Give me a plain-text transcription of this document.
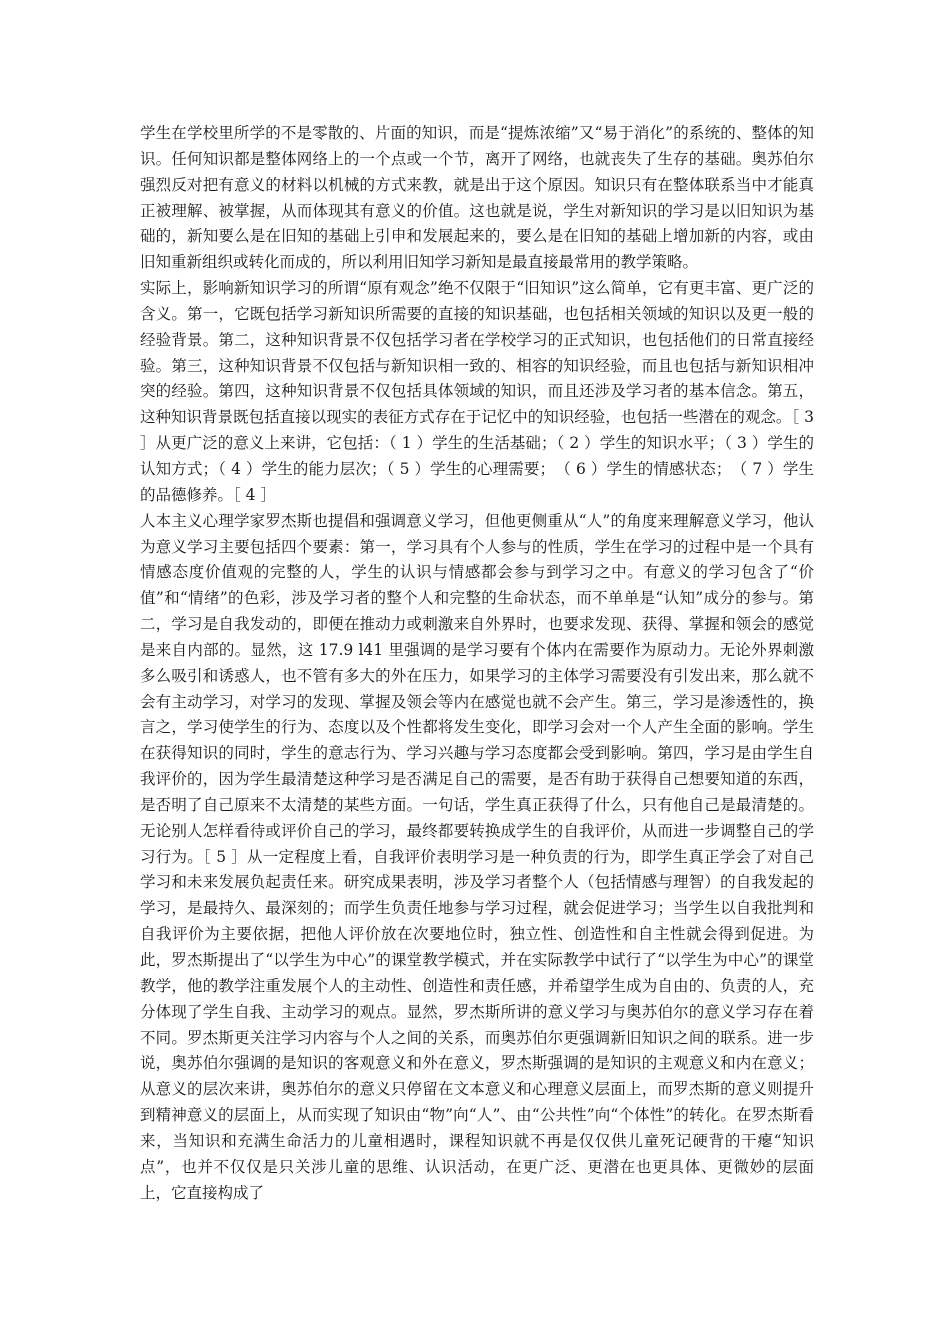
学生在学校里所学的不是零散的、片面的知识，而是“提炼浓缩”又“易于消化”的系统的、整体的知识。任何知识都是整体网络上的一个点或一个节，离开了网络，也就丧失了生存的基础。奥苏伯尔强烈反对把有意义的材料以机械的方式来教，就是出于这个原因。知识只有在整体联系当中才能真正被理解、被掌握，从而体现其有意义的价值。这也就是说，学生对新知识的学习是以旧知识为基础的，新知要么是在旧知的基础上引申和发展起来的，要么是在旧知的基础上增加新的内容，或由旧知重新组织或转化而成的，所以利用旧知学习新知是最直接最常用的教学策略。

实际上，影响新知识学习的所谓“原有观念”绝不仅限于“旧知识”这么简单，它有更丰富、更广泛的含义。第一，它既包括学习新知识所需要的直接的知识基础，也包括相关领域的知识以及更一般的经验背景。第二，这种知识背景不仅包括学习者在学校学习的正式知识，也包括他们的日常直接经验。第三，这种知识背景不仅包括与新知识相一致的、相容的知识经验，而且也包括与新知识相冲突的经验。第四，这种知识背景不仅包括具体领域的知识，而且还涉及学习者的基本信念。第五，这种知识背景既包括直接以现实的表征方式存在于记忆中的知识经验，也包括一些潜在的观念。［ 3 ］从更广泛的意义上来讲，它包括：（ 1 ）学生的生活基础；（ 2 ）学生的知识水平；（ 3 ）学生的认知方式；（ 4 ）学生的能力层次；（ 5 ）学生的心理需要；　（ 6 ）学生的情感状态；　（ 7 ）学生的品德修养。［ 4 ］

人本主义心理学家罗杰斯也提倡和强调意义学习，但他更侧重从“人”的角度来理解意义学习，他认为意义学习主要包括四个要素：第一，学习具有个人参与的性质，学生在学习的过程中是一个具有情感态度价值观的完整的人，学生的认识与情感都会参与到学习之中。有意义的学习包含了“价值”和“情绪”的色彩，涉及学习者的整个人和完整的生命状态，而不单单是“认知”成分的参与。第二，学习是自我发动的，即便在推动力或刺激来自外界时，也要求发现、获得、掌握和领会的感觉是来自内部的。显然，这 17.9 l41 里强调的是学习要有个体内在需要作为原动力。无论外界刺激多么吸引和诱惑人，也不管有多大的外在压力，如果学习的主体学习需要没有引发出来，那么就不会有主动学习，对学习的发现、掌握及领会等内在感觉也就不会产生。第三，学习是渗透性的，换言之，学习使学生的行为、态度以及个性都将发生变化，即学习会对一个人产生全面的影响。学生在获得知识的同时，学生的意志行为、学习兴趣与学习态度都会受到影响。第四，学习是由学生自我评价的，因为学生最清楚这种学习是否满足自己的需要，是否有助于获得自己想要知道的东西，是否明了自己原来不太清楚的某些方面。一句话，学生真正获得了什么，只有他自己是最清楚的。无论别人怎样看待或评价自己的学习，最终都要转换成学生的自我评价，从而进一步调整自己的学习行为。［ 5 ］从一定程度上看，自我评价表明学习是一种负责的行为，即学生真正学会了对自己学习和未来发展负起责任来。研究成果表明，涉及学习者整个人（包括情感与理智）的自我发起的学习，是最持久、最深刻的；而学生负责任地参与学习过程，就会促进学习；当学生以自我批判和自我评价为主要依据，把他人评价放在次要地位时，独立性、创造性和自主性就会得到促进。为此，罗杰斯提出了“以学生为中心”的课堂教学模式，并在实际教学中试行了“以学生为中心”的课堂教学，他的教学注重发展个人的主动性、创造性和责任感，并希望学生成为自由的、负责的人，充分体现了学生自我、主动学习的观点。显然，罗杰斯所讲的意义学习与奥苏伯尔的意义学习存在着不同。罗杰斯更关注学习内容与个人之间的关系，而奥苏伯尔更强调新旧知识之间的联系。进一步说，奥苏伯尔强调的是知识的客观意义和外在意义，罗杰斯强调的是知识的主观意义和内在意义；从意义的层次来讲，奥苏伯尔的意义只停留在文本意义和心理意义层面上，而罗杰斯的意义则提升到精神意义的层面上，从而实现了知识由“物”向“人”、由“公共性”向“个体性”的转化。在罗杰斯看来，当知识和充满生命活力的儿童相遇时，课程知识就不再是仅仅供儿童死记硬背的干瘪“知识点”，也并不仅仅是只关涉儿童的思维、认识活动，在更广泛、更潜在也更具体、更微妙的层面上，它直接构成了
